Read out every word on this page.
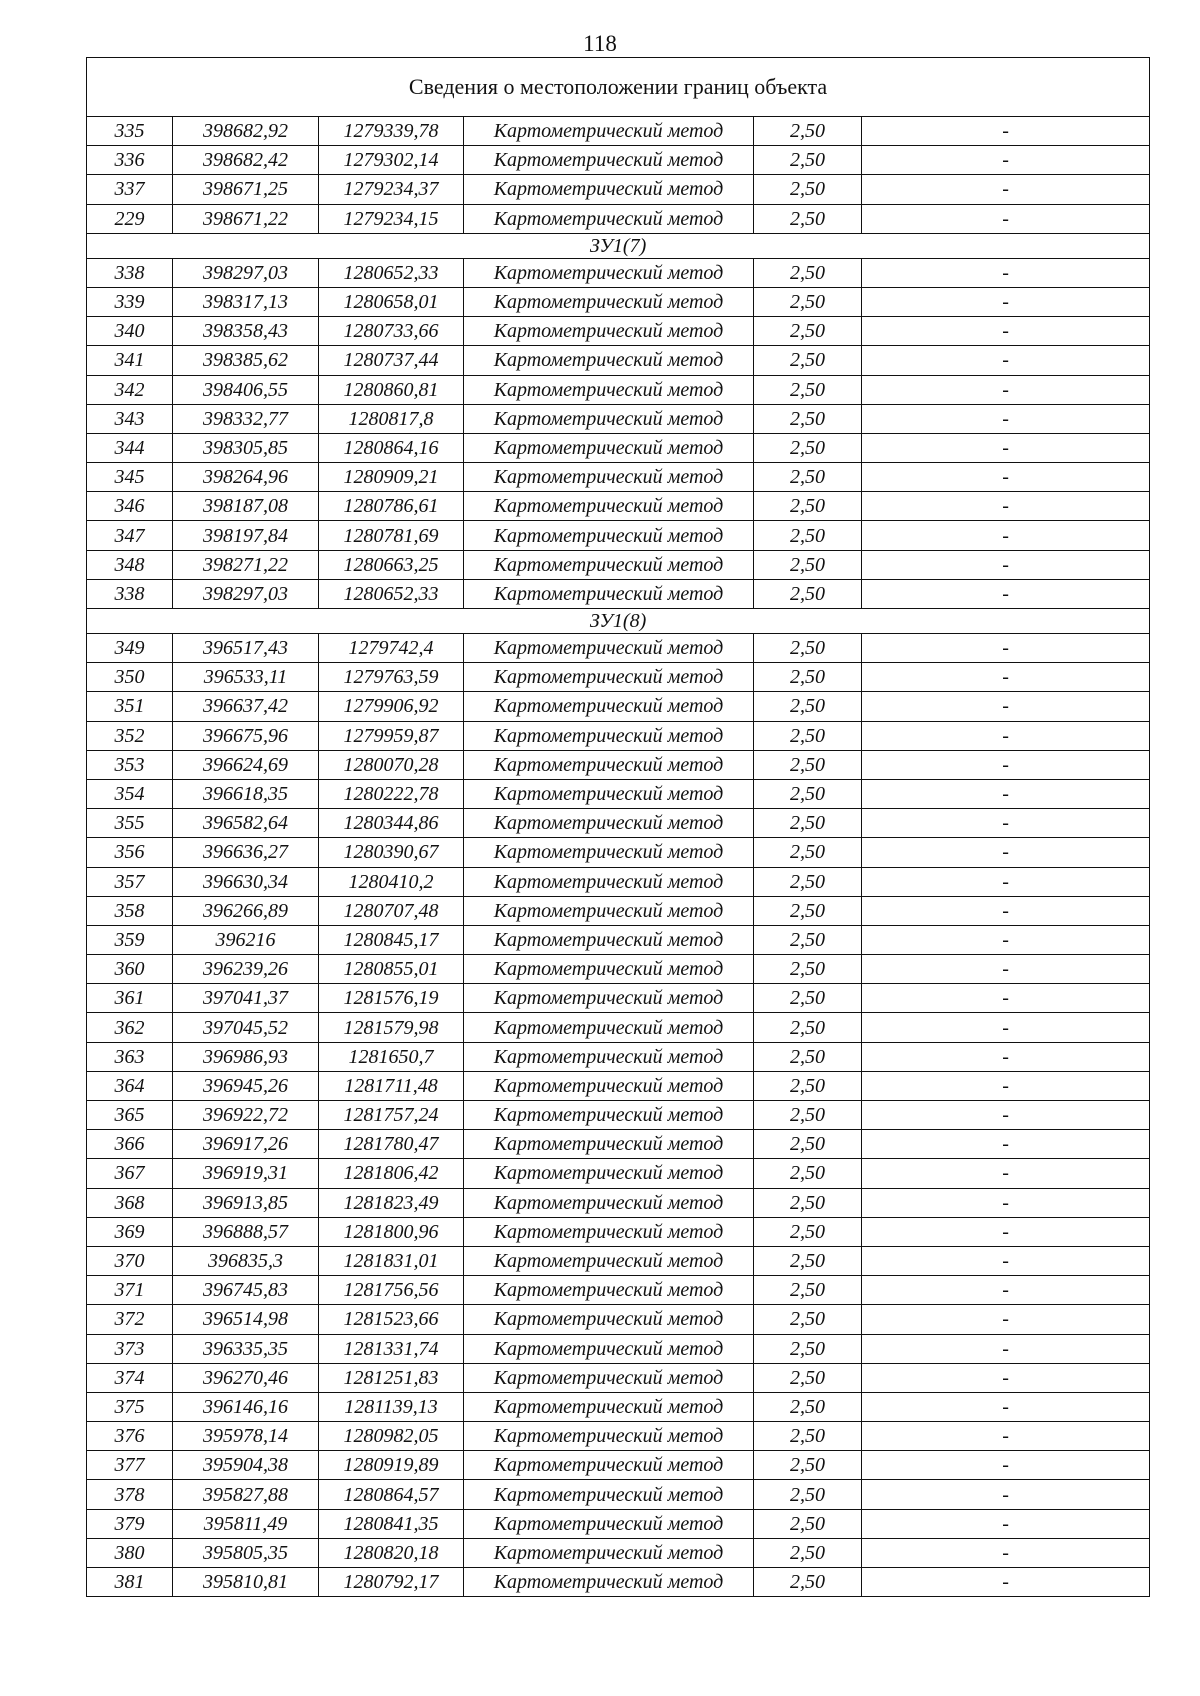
118
Сведения о местоположении границ объекта					
335	398682,92	1279339,78	Картометрический метод	2,50	-
336	398682,42	1279302,14	Картометрический метод	2,50	-
337	398671,25	1279234,37	Картометрический метод	2,50	-
229	398671,22	1279234,15	Картометрический метод	2,50	-
ЗУ1(7)					
338	398297,03	1280652,33	Картометрический метод	2,50	-
339	398317,13	1280658,01	Картометрический метод	2,50	-
340	398358,43	1280733,66	Картометрический метод	2,50	-
341	398385,62	1280737,44	Картометрический метод	2,50	-
342	398406,55	1280860,81	Картометрический метод	2,50	-
343	398332,77	1280817,8	Картометрический метод	2,50	-
344	398305,85	1280864,16	Картометрический метод	2,50	-
345	398264,96	1280909,21	Картометрический метод	2,50	-
346	398187,08	1280786,61	Картометрический метод	2,50	-
347	398197,84	1280781,69	Картометрический метод	2,50	-
348	398271,22	1280663,25	Картометрический метод	2,50	-
338	398297,03	1280652,33	Картометрический метод	2,50	-
ЗУ1(8)					
349	396517,43	1279742,4	Картометрический метод	2,50	-
350	396533,11	1279763,59	Картометрический метод	2,50	-
351	396637,42	1279906,92	Картометрический метод	2,50	-
352	396675,96	1279959,87	Картометрический метод	2,50	-
353	396624,69	1280070,28	Картометрический метод	2,50	-
354	396618,35	1280222,78	Картометрический метод	2,50	-
355	396582,64	1280344,86	Картометрический метод	2,50	-
356	396636,27	1280390,67	Картометрический метод	2,50	-
357	396630,34	1280410,2	Картометрический метод	2,50	-
358	396266,89	1280707,48	Картометрический метод	2,50	-
359	396216	1280845,17	Картометрический метод	2,50	-
360	396239,26	1280855,01	Картометрический метод	2,50	-
361	397041,37	1281576,19	Картометрический метод	2,50	-
362	397045,52	1281579,98	Картометрический метод	2,50	-
363	396986,93	1281650,7	Картометрический метод	2,50	-
364	396945,26	1281711,48	Картометрический метод	2,50	-
365	396922,72	1281757,24	Картометрический метод	2,50	-
366	396917,26	1281780,47	Картометрический метод	2,50	-
367	396919,31	1281806,42	Картометрический метод	2,50	-
368	396913,85	1281823,49	Картометрический метод	2,50	-
369	396888,57	1281800,96	Картометрический метод	2,50	-
370	396835,3	1281831,01	Картометрический метод	2,50	-
371	396745,83	1281756,56	Картометрический метод	2,50	-
372	396514,98	1281523,66	Картометрический метод	2,50	-
373	396335,35	1281331,74	Картометрический метод	2,50	-
374	396270,46	1281251,83	Картометрический метод	2,50	-
375	396146,16	1281139,13	Картометрический метод	2,50	-
376	395978,14	1280982,05	Картометрический метод	2,50	-
377	395904,38	1280919,89	Картометрический метод	2,50	-
378	395827,88	1280864,57	Картометрический метод	2,50	-
379	395811,49	1280841,35	Картометрический метод	2,50	-
380	395805,35	1280820,18	Картометрический метод	2,50	-
381	395810,81	1280792,17	Картометрический метод	2,50	-
